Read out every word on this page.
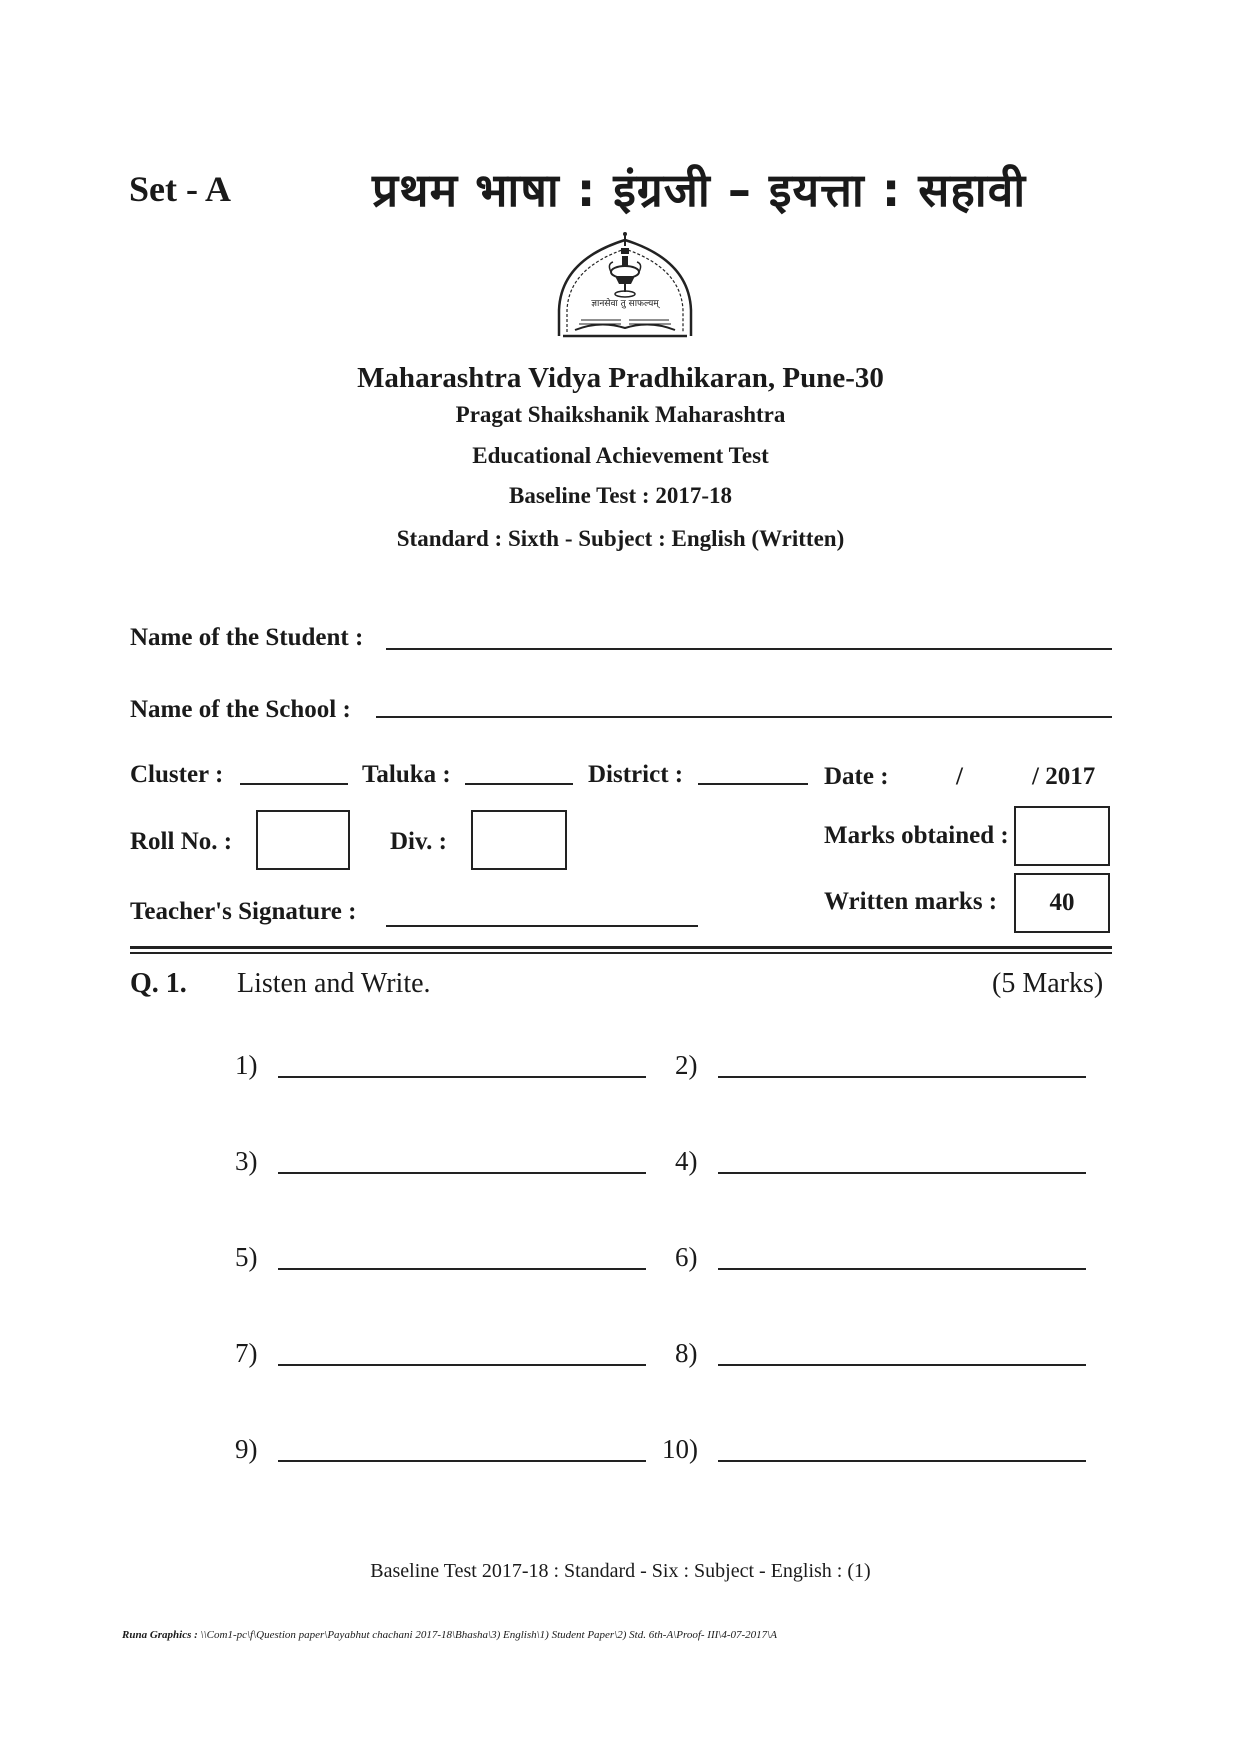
Set - A	प्रथम भाषा : इंग्रजी – इयत्ता : सहावी
ज्ञानसेवा तु साफल्यम्
Maharashtra Vidya Pradhikaran, Pune-30
Pragat Shaikshanik Maharashtra
Educational Achievement Test
Baseline Test : 2017-18
Standard : Sixth - Subject : English (Written)
Name of the Student :
Name of the School :
Cluster :	Taluka :	District :	Date :	/	/ 2017
Roll No. :	Div. :	Marks obtained :
Teacher's Signature :	Written marks : 40
Q. 1. Listen and Write.	(5 Marks)
1)	2)
3)	4)
5)	6)
7)	8)
9)	10)
Baseline Test 2017-18 : Standard - Six : Subject - English : (1)
Runa Graphics : \\Com1-pc\f\Question paper\Payabhut chachani 2017-18\Bhasha\3) English\1) Student Paper\2) Std. 6th-A\Proof- III\4-07-2017\A
